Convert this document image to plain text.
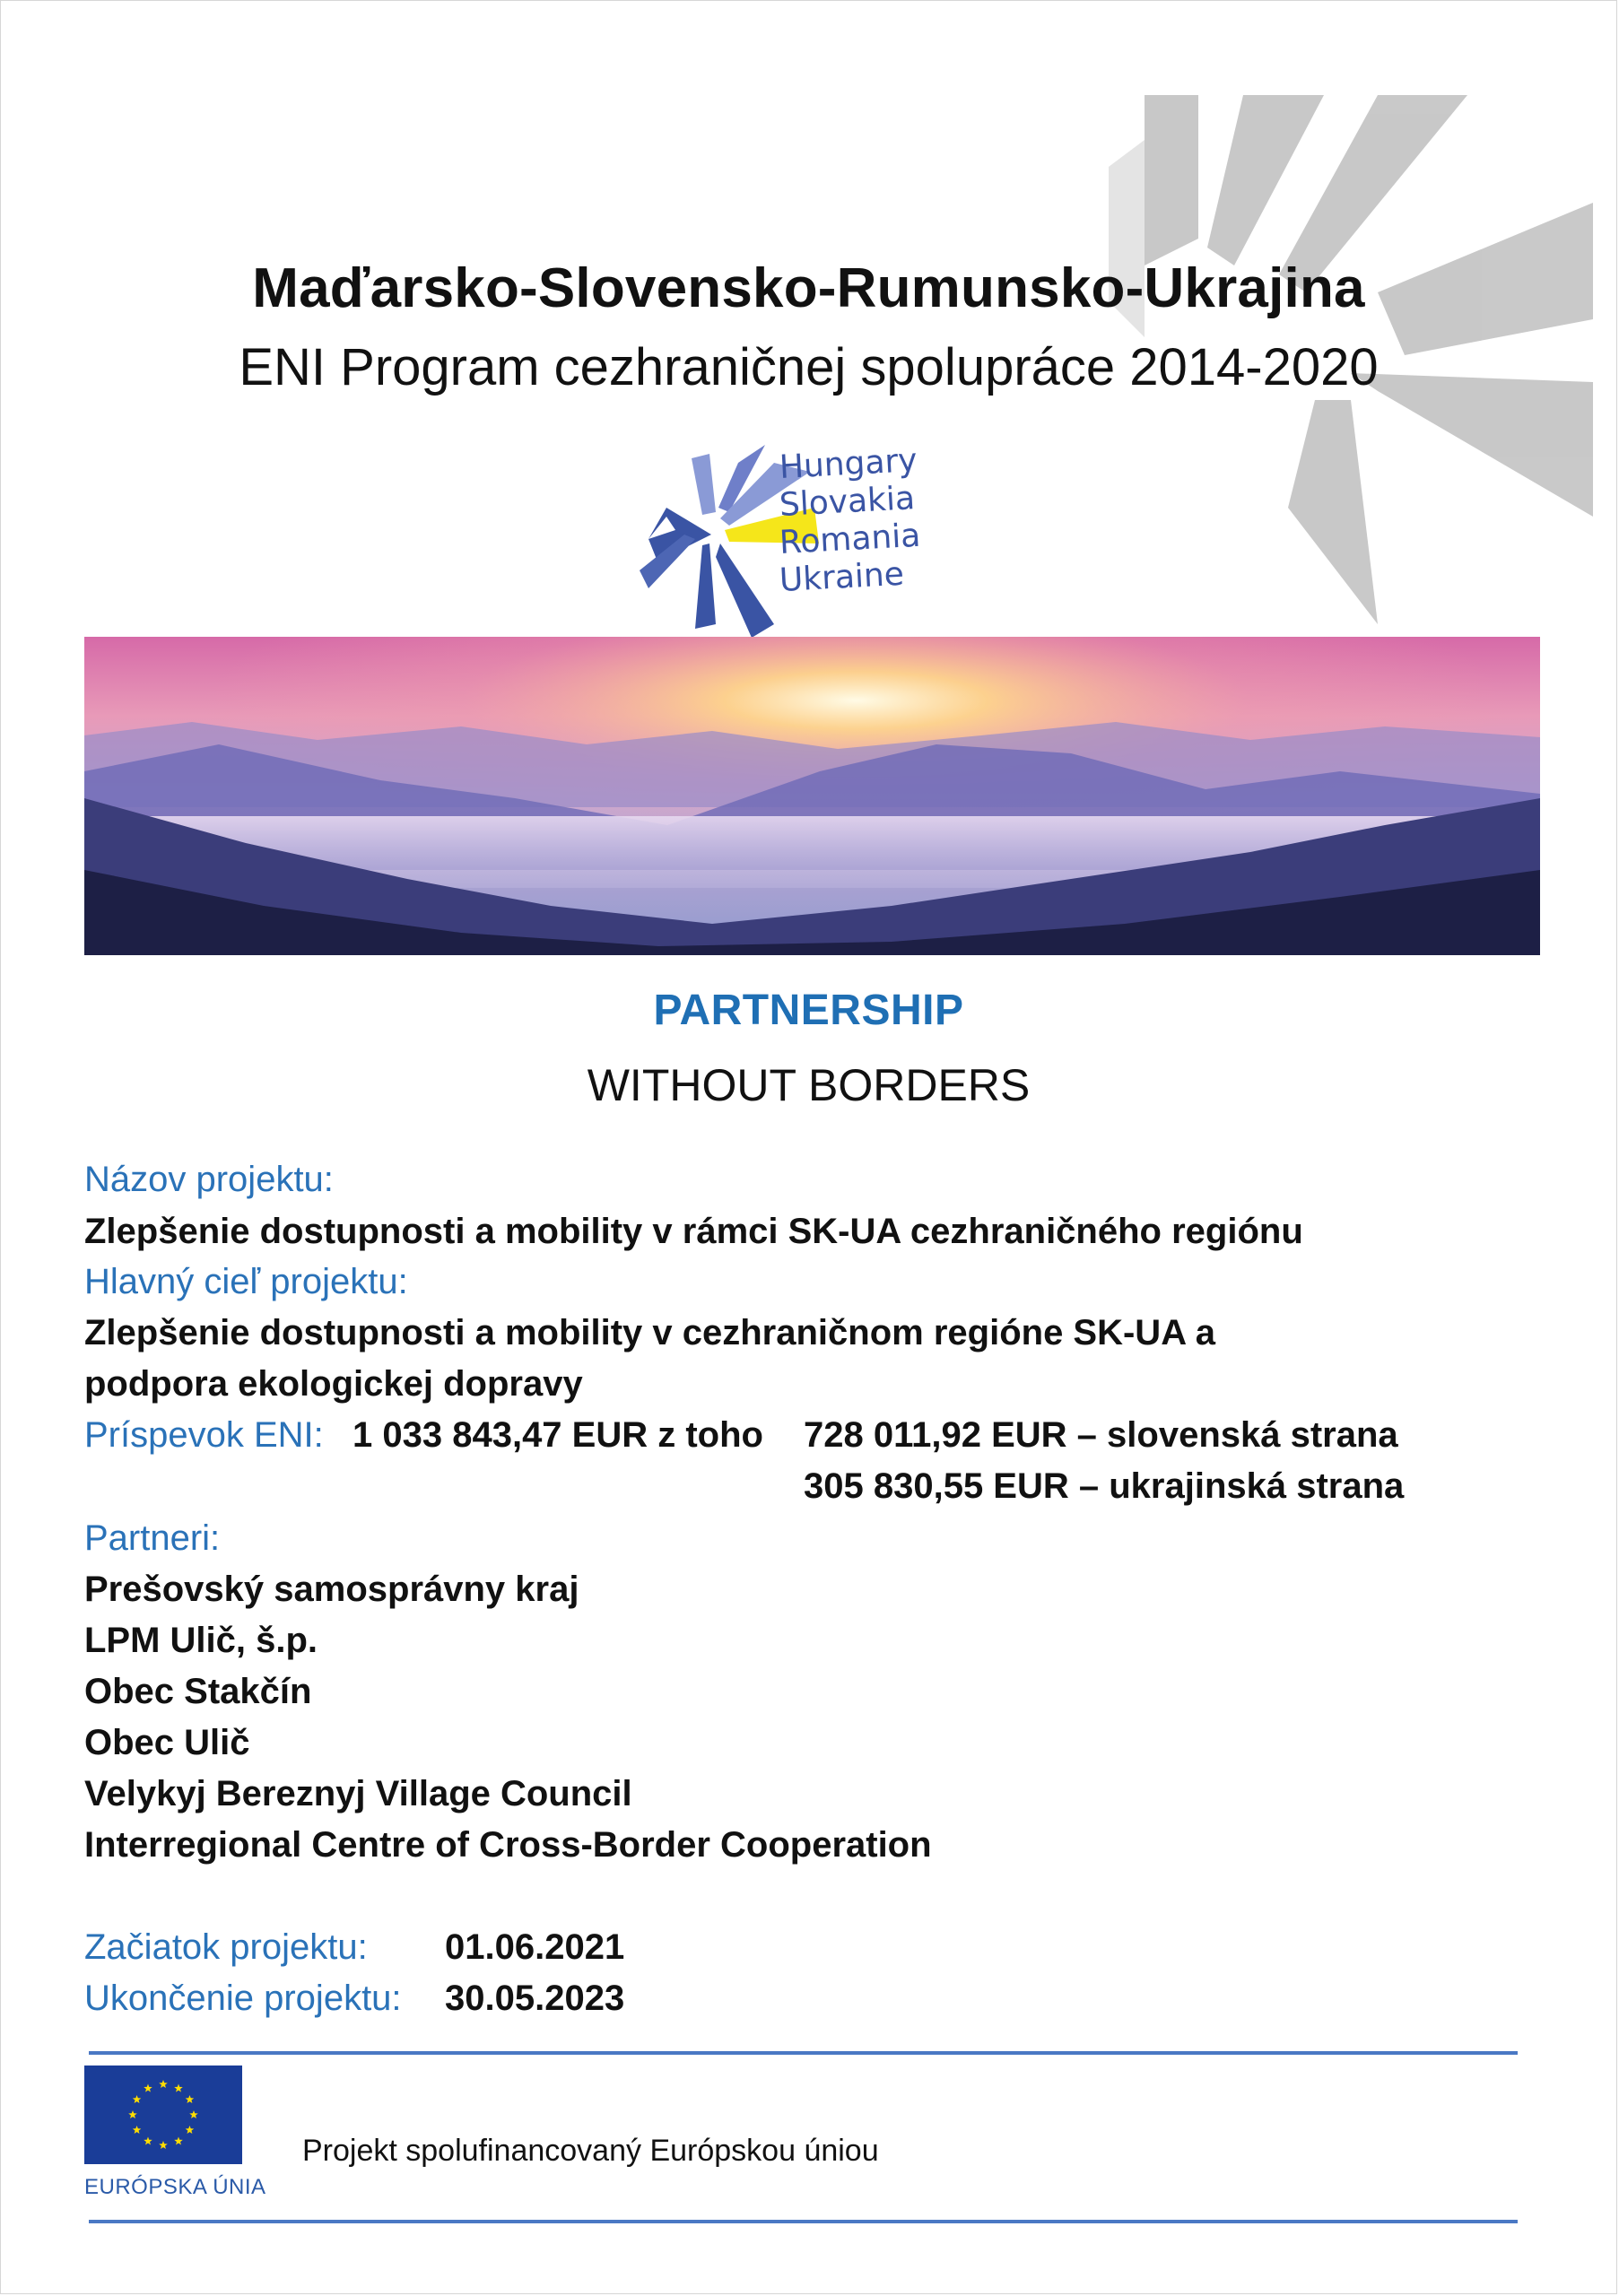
Maďarsko-Slovensko-Rumunsko-Ukrajina
ENI Program cezhraničnej spolupráce 2014-2020
Hungary
Slovakia
Romania
Ukraine
PARTNERSHIP
WITHOUT BORDERS
Názov projektu:
Zlepšenie dostupnosti a mobility v rámci SK-UA cezhraničného regiónu
Hlavný cieľ projektu:
Zlepšenie dostupnosti a mobility v cezhraničnom regióne SK-UA a
podpora ekologickej dopravy
Príspevok ENI: 1 033 843,47 EUR z toho 728 011,92 EUR – slovenská strana
305 830,55 EUR – ukrajinská strana
Partneri:
Prešovský samosprávny kraj
LPM Ulič, š.p.
Obec Stakčín
Obec Ulič
Velykyj Bereznyj Village Council
Interregional Centre of Cross-Border Cooperation
Začiatok projektu: 01.06.2021
Ukončenie projektu: 30.05.2023
EURÓPSKA ÚNIA
Projekt spolufinancovaný Európskou úniou
